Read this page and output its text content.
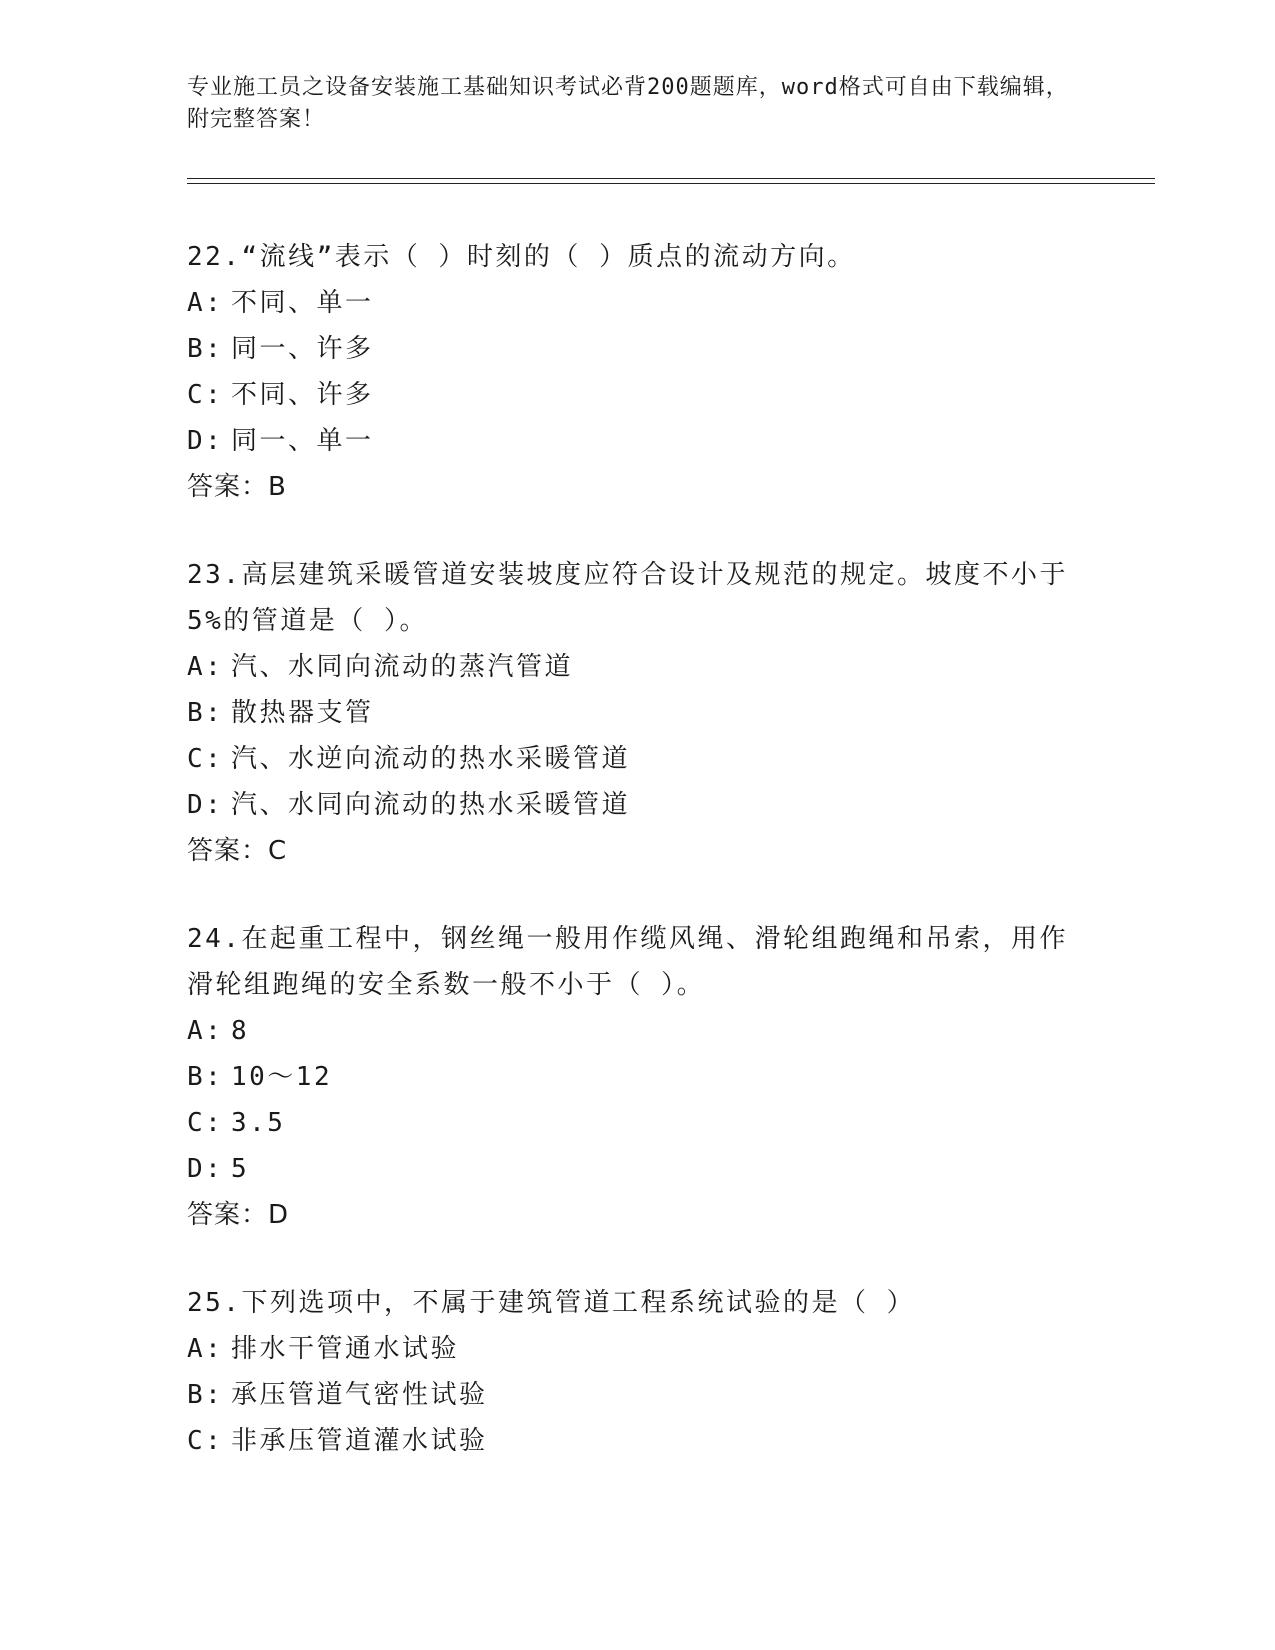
专业施工员之设备安装施工基础知识考试必背200题题库，word格式可自由下载编辑，附完整答案！

22.“流线”表示（ ）时刻的（ ）质点的流动方向。

A: 不同、单一

B: 同一、许多

C: 不同、许多

D: 同一、单一

答案：B

23.高层建筑采暖管道安装坡度应符合设计及规范的规定。坡度不小于5%的管道是（ ）。

A: 汽、水同向流动的蒸汽管道

B: 散热器支管

C: 汽、水逆向流动的热水采暖管道

D: 汽、水同向流动的热水采暖管道

答案：C

24.在起重工程中，钢丝绳一般用作缆风绳、滑轮组跑绳和吊索，用作滑轮组跑绳的安全系数一般不小于（ ）。

A: 8

B: 10～12

C: 3.5

D: 5

答案：D

25.下列选项中，不属于建筑管道工程系统试验的是（ ）

A: 排水干管通水试验

B: 承压管道气密性试验

C: 非承压管道灌水试验
